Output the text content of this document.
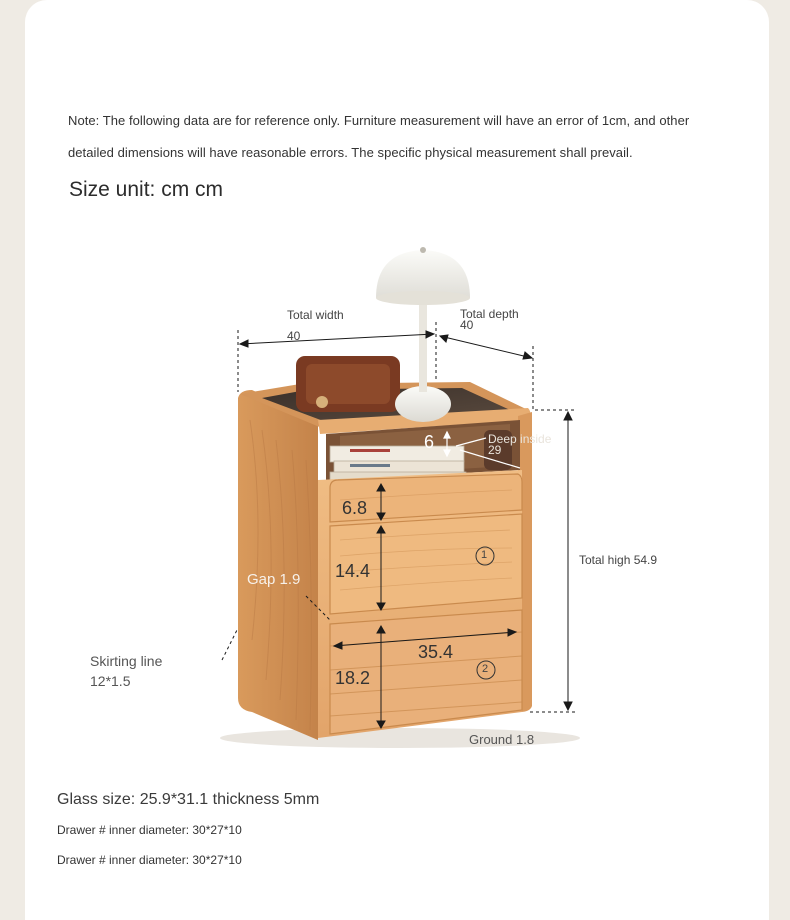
Note: The following data are for reference only. Furniture measurement will have an error of 1cm, and other
detailed dimensions will have reasonable errors. The specific physical measurement shall prevail.
Size unit: cm cm
Total width
40
Total depth
40
Deep inside
29
6
6.8
14.4
18.2
35.4
Gap 1.9
Total high 54.9
Ground 1.8
Skirting line
12*1.5
1
2
Glass size: 25.9*31.1 thickness 5mm
Drawer # inner diameter: 30*27*10
Drawer # inner diameter: 30*27*10
